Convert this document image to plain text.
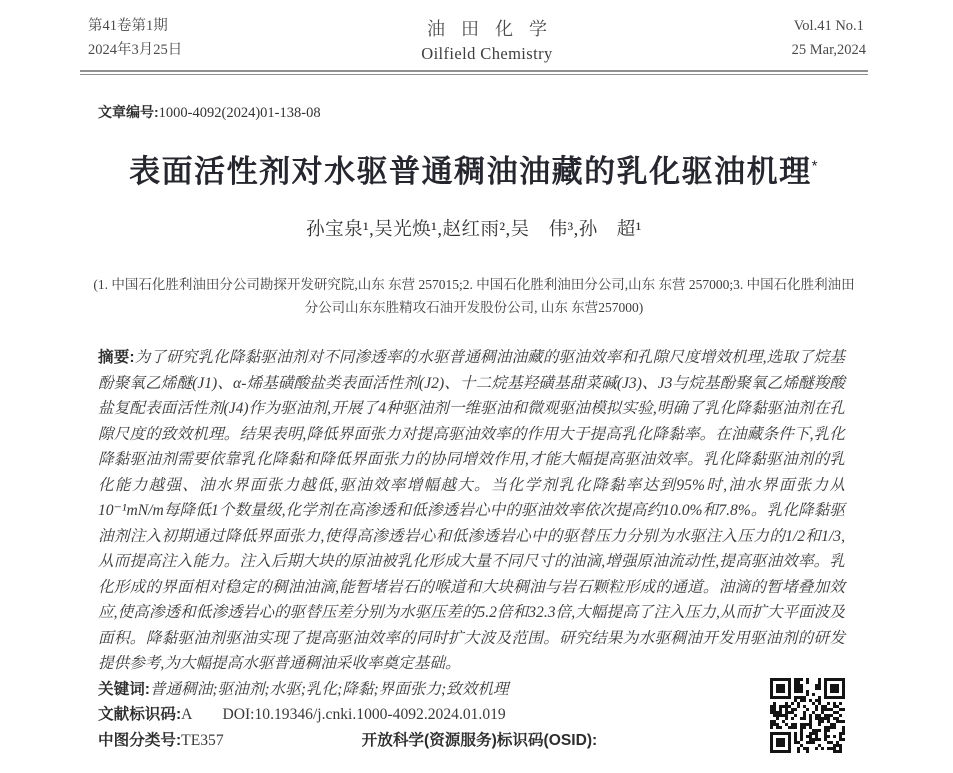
第41卷第1期
2024年3月25日
油田化学
Oilfield Chemistry
Vol.41 No.1
25 Mar,2024

文章编号:1000-4092(2024)01-138-08

表面活性剂对水驱普通稠油油藏的乳化驱油机理*

孙宝泉¹,吴光焕¹,赵红雨²,吴　伟³,孙　超¹

(1. 中国石化胜利油田分公司勘探开发研究院,山东 东营 257015;2. 中国石化胜利油田分公司,山东 东营 257000;3. 中国石化胜利油田
分公司山东东胜精攻石油开发股份公司, 山东 东营257000)

摘要:为了研究乳化降黏驱油剂对不同渗透率的水驱普通稠油油藏的驱油效率和孔隙尺度增效机理,选取了烷基酚聚氧乙烯醚(J1)、α-烯基磺酸盐类表面活性剂(J2)、十二烷基羟磺基甜菜碱(J3)、J3与烷基酚聚氧乙烯醚羧酸盐复配表面活性剂(J4)作为驱油剂,开展了4种驱油剂一维驱油和微观驱油模拟实验,明确了乳化降黏驱油剂在孔隙尺度的致效机理。结果表明,降低界面张力对提高驱油效率的作用大于提高乳化降黏率。在油藏条件下,乳化降黏驱油剂需要依靠乳化降黏和降低界面张力的协同增效作用,才能大幅提高驱油效率。乳化降黏驱油剂的乳化能力越强、油水界面张力越低,驱油效率增幅越大。当化学剂乳化降黏率达到95%时,油水界面张力从10⁻¹mN/m每降低1个数量级,化学剂在高渗透和低渗透岩心中的驱油效率依次提高约10.0%和7.8%。乳化降黏驱油剂注入初期通过降低界面张力,使得高渗透岩心和低渗透岩心中的驱替压力分别为水驱注入压力的1/2和1/3,从而提高注入能力。注入后期大块的原油被乳化形成大量不同尺寸的油滴,增强原油流动性,提高驱油效率。乳化形成的界面相对稳定的稠油油滴,能暂堵岩石的喉道和大块稠油与岩石颗粒形成的通道。油滴的暂堵叠加效应,使高渗透和低渗透岩心的驱替压差分别为水驱压差的5.2倍和32.3倍,大幅提高了注入压力,从而扩大平面波及面积。降黏驱油剂驱油实现了提高驱油效率的同时扩大波及范围。研究结果为水驱稠油开发用驱油剂的研发提供参考,为大幅提高水驱普通稠油采收率奠定基础。

关键词:普通稠油;驱油剂;水驱;乳化;降黏;界面张力;致效机理

文献标识码:A DOI:10.19346/j.cnki.1000-4092.2024.01.019

中图分类号:TE357	开放科学(资源服务)标识码(OSID):
